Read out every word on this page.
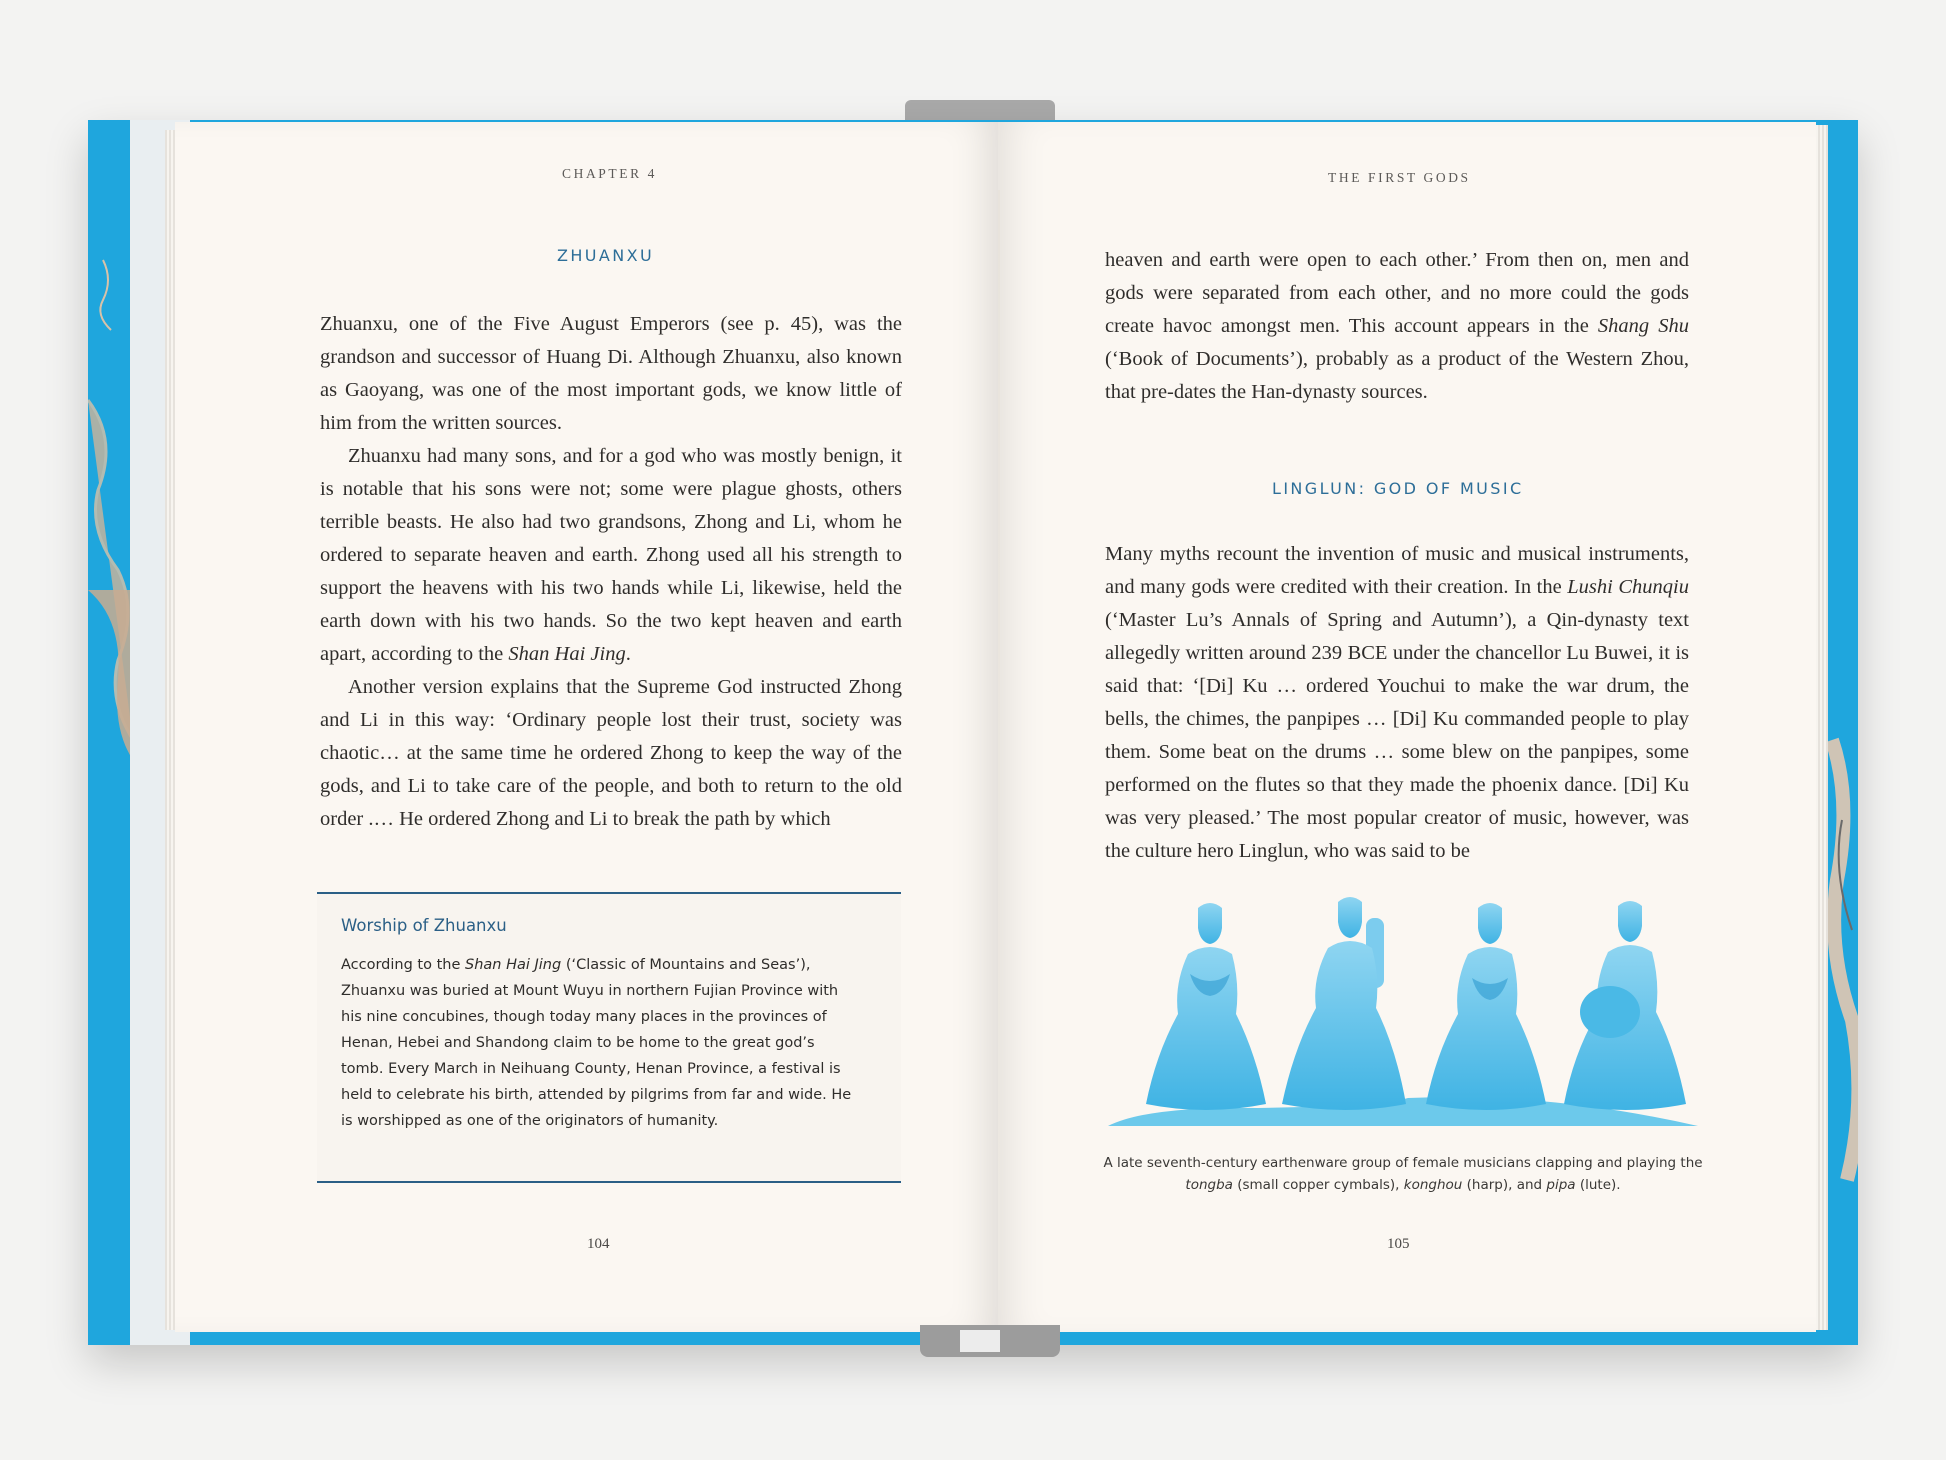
CHAPTER 4
ZHUANXU

Zhuanxu, one of the Five August Emperors (see p. 45), was the grandson and successor of Huang Di. Although Zhuanxu, also known as Gaoyang, was one of the most important gods, we know little of him from the written sources.

Zhuanxu had many sons, and for a god who was mostly benign, it is notable that his sons were not; some were plague ghosts, others terrible beasts. He also had two grandsons, Zhong and Li, whom he ordered to separate heaven and earth. Zhong used all his strength to support the heavens with his two hands while Li, likewise, held the earth down with his two hands. So the two kept heaven and earth apart, according to the Shan Hai Jing.

Another version explains that the Supreme God instructed Zhong and Li in this way: ‘Ordinary people lost their trust, society was chaotic… at the same time he ordered Zhong to keep the way of the gods, and Li to take care of the people, and both to return to the old order .… He ordered Zhong and Li to break the path by which

Worship of Zhuanxu
According to the Shan Hai Jing (‘Classic of Mountains and Seas’), Zhuanxu was buried at Mount Wuyu in northern Fujian Province with his nine concubines, though today many places in the provinces of Henan, Hebei and Shandong claim to be home to the great god’s tomb. Every March in Neihuang County, Henan Province, a festival is held to celebrate his birth, attended by pilgrims from far and wide. He is worshipped as one of the originators of humanity.
104
THE FIRST GODS

heaven and earth were open to each other.’ From then on, men and gods were separated from each other, and no more could the gods create havoc amongst men. This account appears in the Shang Shu (‘Book of Documents’), probably as a product of the Western Zhou, that pre-dates the Han-dynasty sources.

LINGLUN: GOD OF MUSIC

Many myths recount the invention of music and musical instruments, and many gods were credited with their creation. In the Lushi Chunqiu (‘Master Lu’s Annals of Spring and Autumn’), a Qin-dynasty text allegedly written around 239 BCE under the chancellor Lu Buwei, it is said that: ‘[Di] Ku … ordered Youchui to make the war drum, the bells, the chimes, the panpipes … [Di] Ku commanded people to play them. Some beat on the drums … some blew on the panpipes, some performed on the flutes so that they made the phoenix dance. [Di] Ku was very pleased.’ The most popular creator of music, however, was the culture hero Linglun, who was said to be

A late seventh-century earthenware group of female musicians clapping and playing the tongba (small copper cymbals), konghou (harp), and pipa (lute).
105
